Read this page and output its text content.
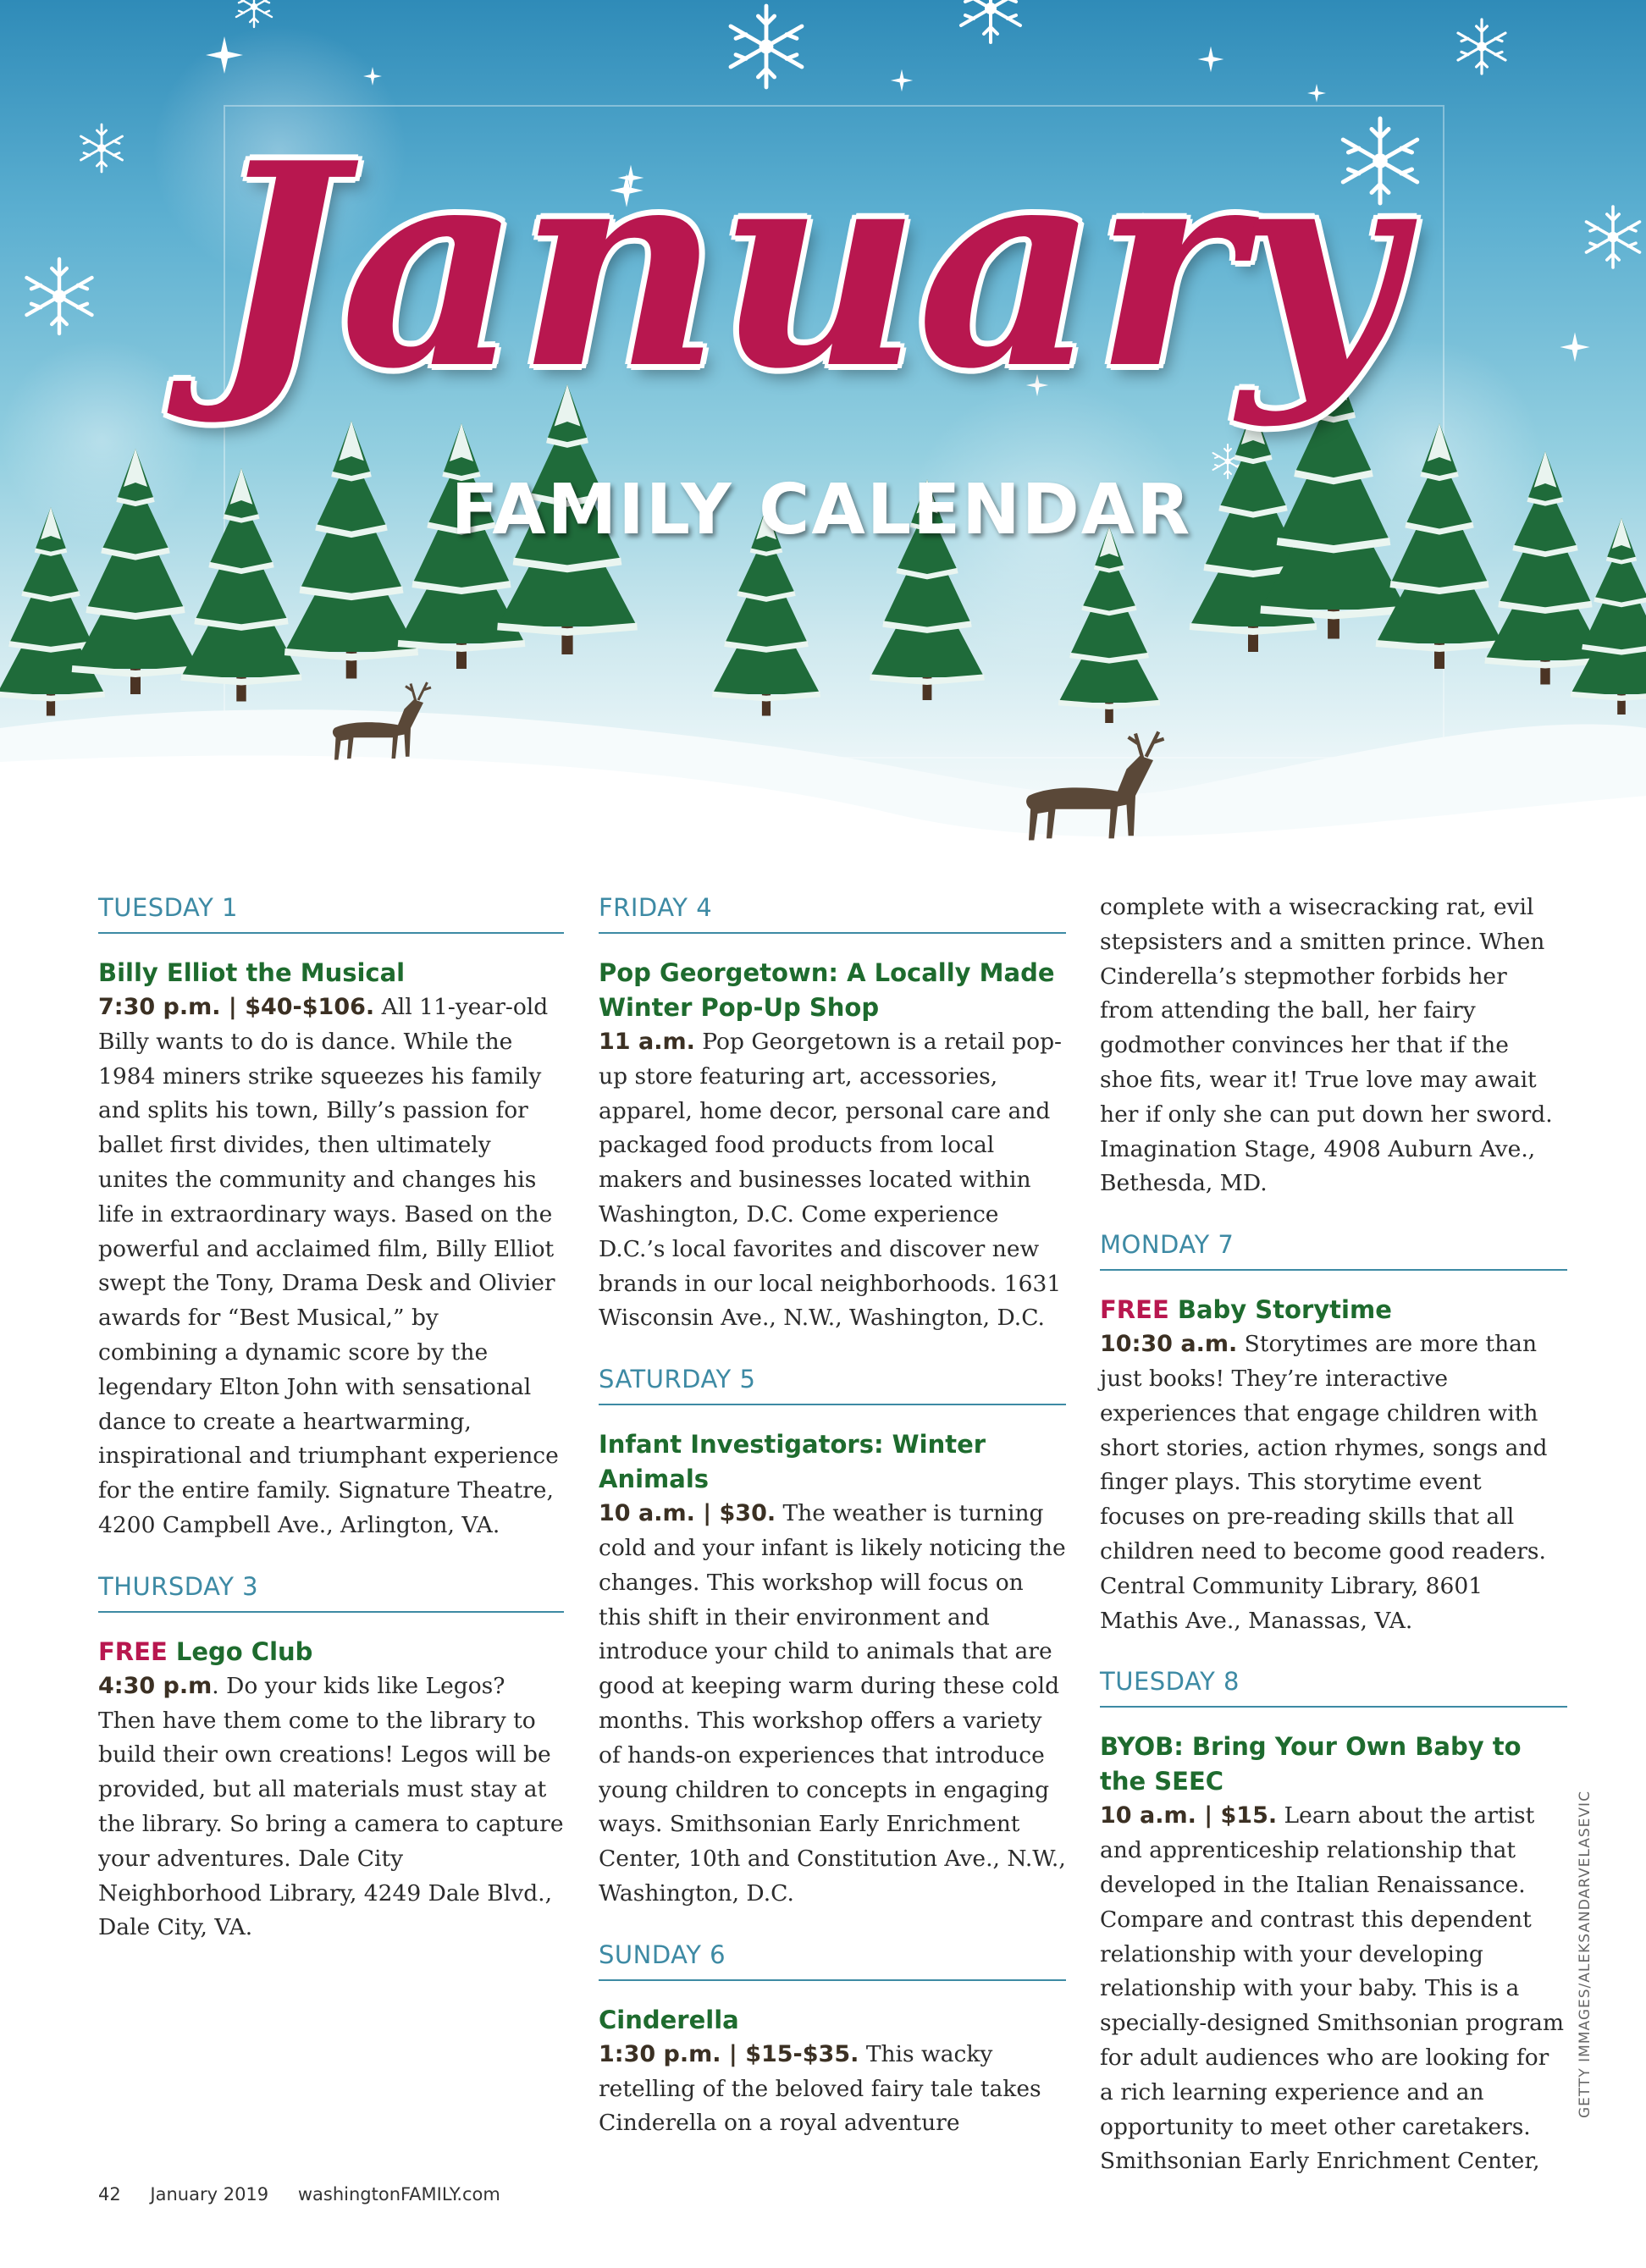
January
FAMILY CALENDAR
TUESDAY 1

Billy Elliot the Musical

7:30 p.m. | $40-$106. All 11-year-old Billy wants to do is dance. While the 1984 miners strike squeezes his family and splits his town, Billy’s passion for ballet first divides, then ultimately unites the community and changes his life in extraordinary ways. Based on the powerful and acclaimed film, Billy Elliot swept the Tony, Drama Desk and Olivier awards for “Best Musical,” by combining a dynamic score by the legendary Elton John with sensational dance to create a heartwarming, inspirational and triumphant experience for the entire family. Signature Theatre, 4200 Campbell Ave., Arlington, VA.

THURSDAY 3

FREE Lego Club

4:30 p.m. Do your kids like Legos? Then have them come to the library to build their own creations! Legos will be provided, but all materials must stay at the library. So bring a camera to capture your adventures. Dale City Neighborhood Library, 4249 Dale Blvd., Dale City, VA.

FRIDAY 4

Pop Georgetown: A Locally Made Winter Pop-Up Shop

11 a.m. Pop Georgetown is a retail pop-up store featuring art, accessories, apparel, home decor, personal care and packaged food products from local makers and businesses located within Washington, D.C. Come experience D.C.’s local favorites and discover new brands in our local neighborhoods. 1631 Wisconsin Ave., N.W., Washington, D.C.

SATURDAY 5

Infant Investigators: Winter Animals

10 a.m. | $30. The weather is turning cold and your infant is likely noticing the changes. This workshop will focus on this shift in their environment and introduce your child to animals that are good at keeping warm during these cold months. This workshop offers a variety of hands-on experiences that introduce young children to concepts in engaging ways. Smithsonian Early Enrichment Center, 10th and Constitution Ave., N.W., Washington, D.C.

SUNDAY 6

Cinderella

1:30 p.m. | $15-$35. This wacky retelling of the beloved fairy tale takes Cinderella on a royal adventure

complete with a wisecracking rat, evil stepsisters and a smitten prince. When Cinderella’s stepmother forbids her from attending the ball, her fairy godmother convinces her that if the shoe fits, wear it! True love may await her if only she can put down her sword. Imagination Stage, 4908 Auburn Ave., Bethesda, MD.

MONDAY 7

FREE Baby Storytime

10:30 a.m. Storytimes are more than just books! They’re interactive experiences that engage children with short stories, action rhymes, songs and finger plays. This storytime event focuses on pre-reading skills that all children need to become good readers. Central Community Library, 8601 Mathis Ave., Manassas, VA.

TUESDAY 8

BYOB: Bring Your Own Baby to the SEEC

10 a.m. | $15. Learn about the artist and apprenticeship relationship that developed in the Italian Renaissance. Compare and contrast this dependent relationship with your developing relationship with your baby. This is a specially-designed Smithsonian program for adult audiences who are looking for a rich learning experience and an opportunity to meet other caretakers. Smithsonian Early Enrichment Center,

42 January 2019 washingtonFAMILY.com
GETTY IMMAGES/ALEKSANDARVELASEVIC
